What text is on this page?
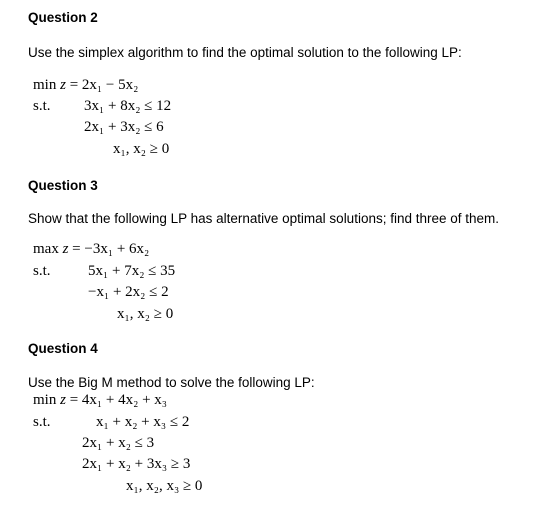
Question 2
Use the simplex algorithm to find the optimal solution to the following LP:
min z = 2x₁ − 5x₂
s.t. 3x₁ + 8x₂ ≤ 12
2x₁ + 3x₂ ≤ 6
x₁, x₂ ≥ 0
Question 3
Show that the following LP has alternative optimal solutions; find three of them.
max z = −3x₁ + 6x₂
s.t. 5x₁ + 7x₂ ≤ 35
−x₁ + 2x₂ ≤ 2
x₁, x₂ ≥ 0
Question 4
Use the Big M method to solve the following LP:
min z = 4x₁ + 4x₂ + x₃
s.t.	x₁ + x₂ + x₃ ≤ 2
2x₁ + x₂ ≤ 3
2x₁ + x₂ + 3x₃ ≥ 3
x₁, x₂, x₃ ≥ 0
